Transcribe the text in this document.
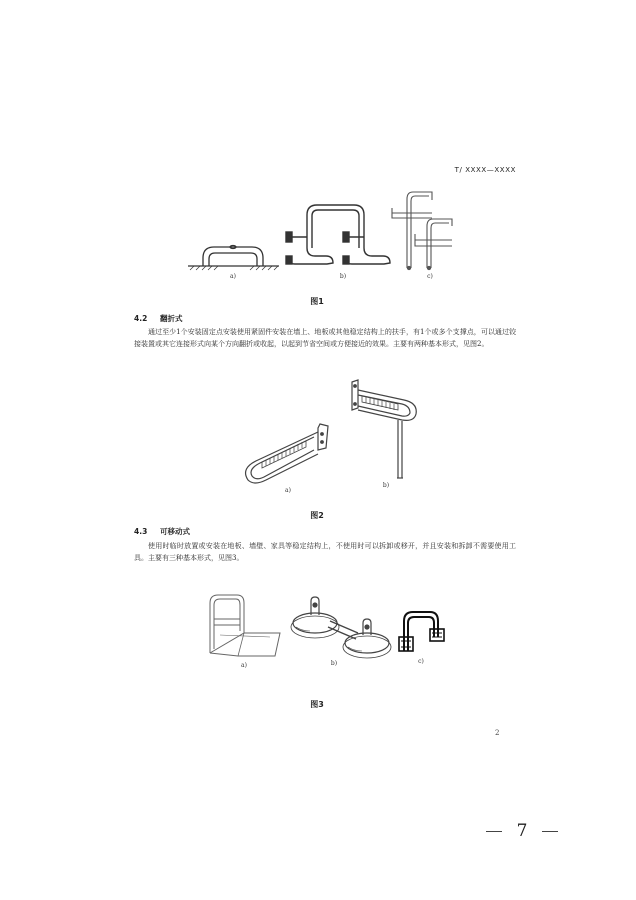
T/ XXXX—XXXX
a)	b)	c)
图1
4.2 翻折式
通过至少1个安装固定点安装使用紧固件安装在墙上、地板或其他稳定结构上的扶手，有1个或多个支撑点，可以通过铰接装置或其它连接形式向某个方向翻折或收起，以起到节省空间或方便接近的效果。主要有两种基本形式，见图2。
a)
b)
图2
4.3 可移动式
使用时临时放置或安装在地板、墙壁、家具等稳定结构上，不使用时可以拆卸或移开，并且安装和拆卸不需要使用工具。主要有三种基本形式，见图3。
a)	b)	c)
图3
2
7
